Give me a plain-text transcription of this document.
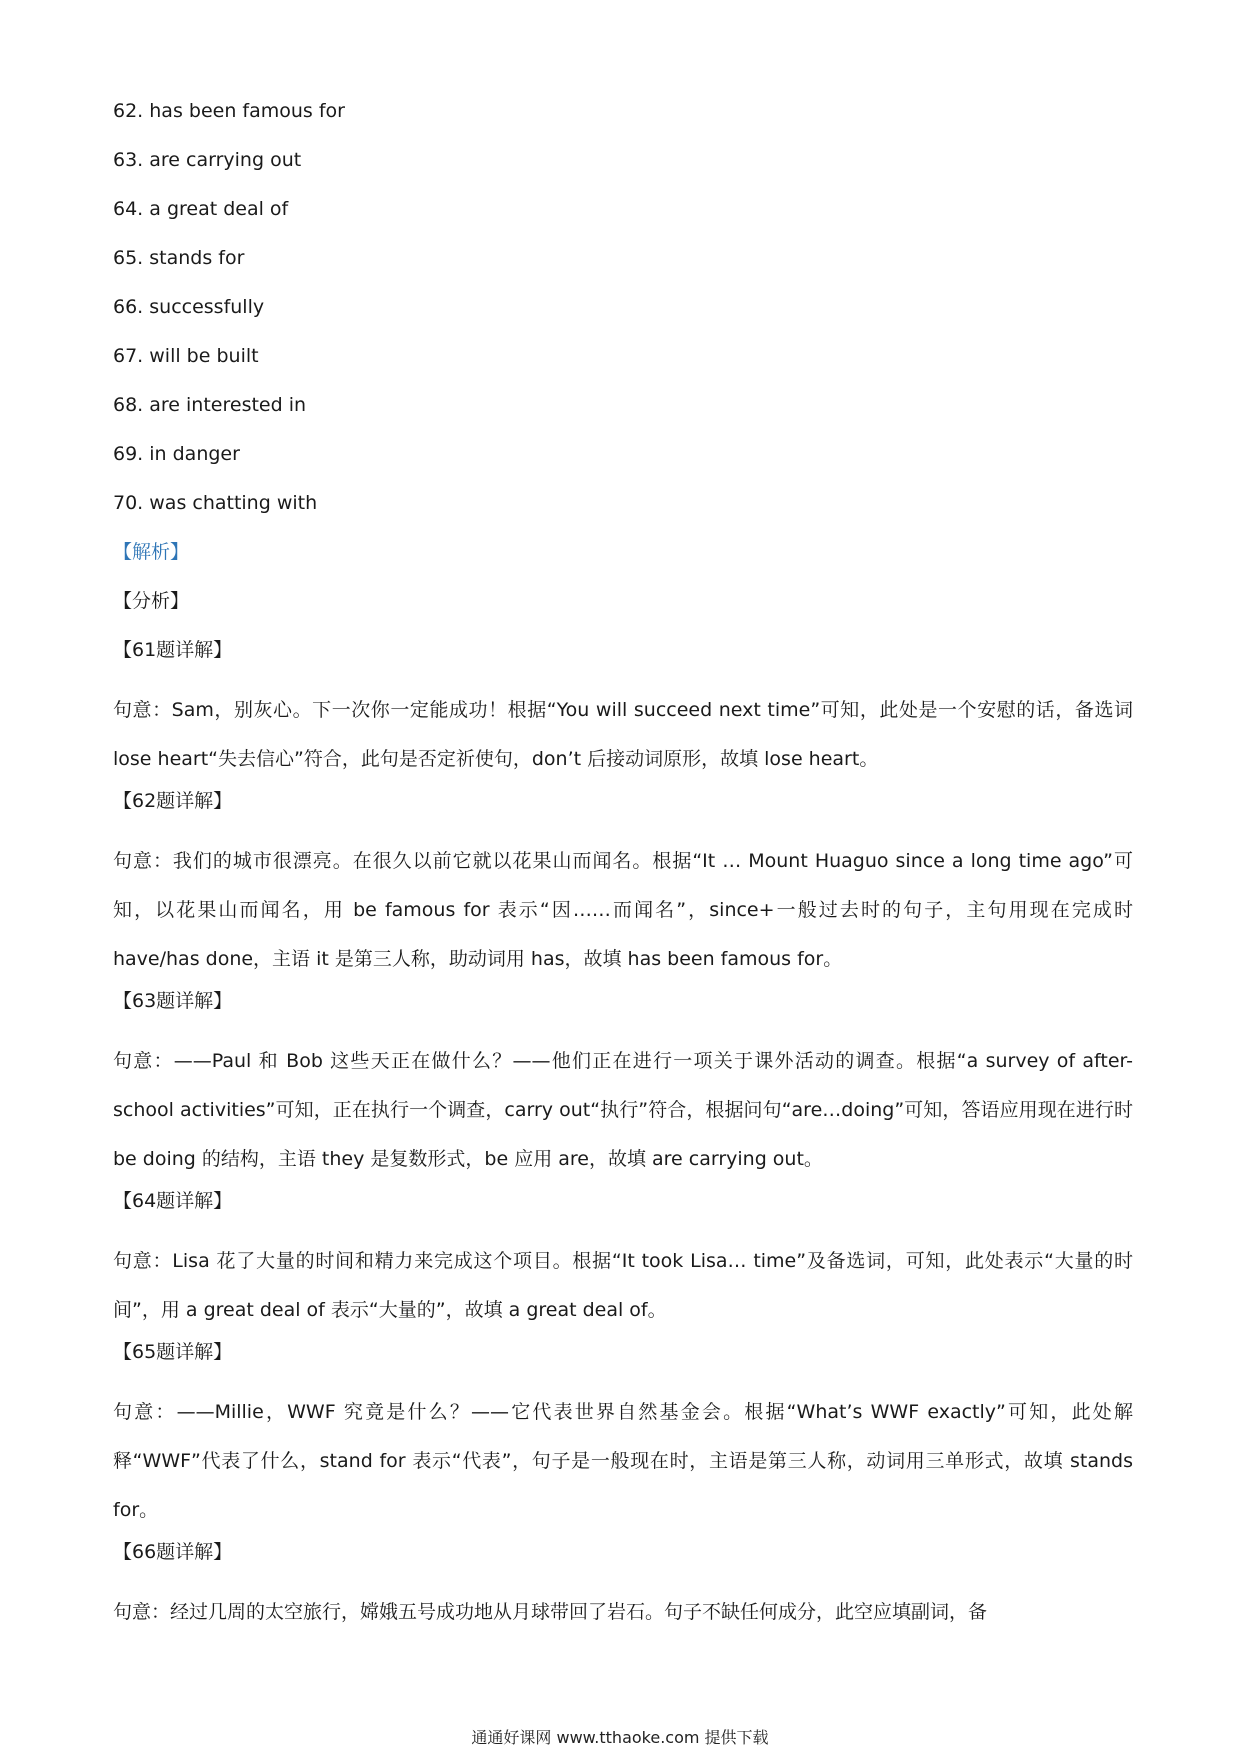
62. has been famous for

63. are carrying out

64. a great deal of

65. stands for

66. successfully

67. will be built

68. are interested in

69. in danger

70. was chatting with

【解析】

【分析】

【61题详解】

句意：Sam，别灰心。下一次你一定能成功！根据“You will succeed next time”可知，此处是一个安慰的话，备选词 lose heart“失去信心”符合，此句是否定祈使句，don’t 后接动词原形，故填 lose heart。

【62题详解】

句意：我们的城市很漂亮。在很久以前它就以花果山而闻名。根据“It … Mount Huaguo since a long time ago”可知，以花果山而闻名，用 be famous for 表示“因……而闻名”，since+一般过去时的句子，主句用现在完成时 have/has done，主语 it 是第三人称，助动词用 has，故填 has been famous for。

【63题详解】

句意：——Paul 和 Bob 这些天正在做什么？——他们正在进行一项关于课外活动的调查。根据“a survey of after-school activities”可知，正在执行一个调查，carry out“执行”符合，根据问句“are…doing”可知，答语应用现在进行时 be doing 的结构，主语 they 是复数形式，be 应用 are，故填 are carrying out。

【64题详解】

句意：Lisa 花了大量的时间和精力来完成这个项目。根据“It took Lisa… time”及备选词，可知，此处表示“大量的时间”，用 a great deal of 表示“大量的”，故填 a great deal of。

【65题详解】

句意：——Millie，WWF 究竟是什么？——它代表世界自然基金会。根据“What’s WWF exactly”可知，此处解释“WWF”代表了什么，stand for 表示“代表”，句子是一般现在时，主语是第三人称，动词用三单形式，故填 stands for。

【66题详解】

句意：经过几周的太空旅行，嫦娥五号成功地从月球带回了岩石。句子不缺任何成分，此空应填副词，备

通通好课网 www.tthaoke.com 提供下载
